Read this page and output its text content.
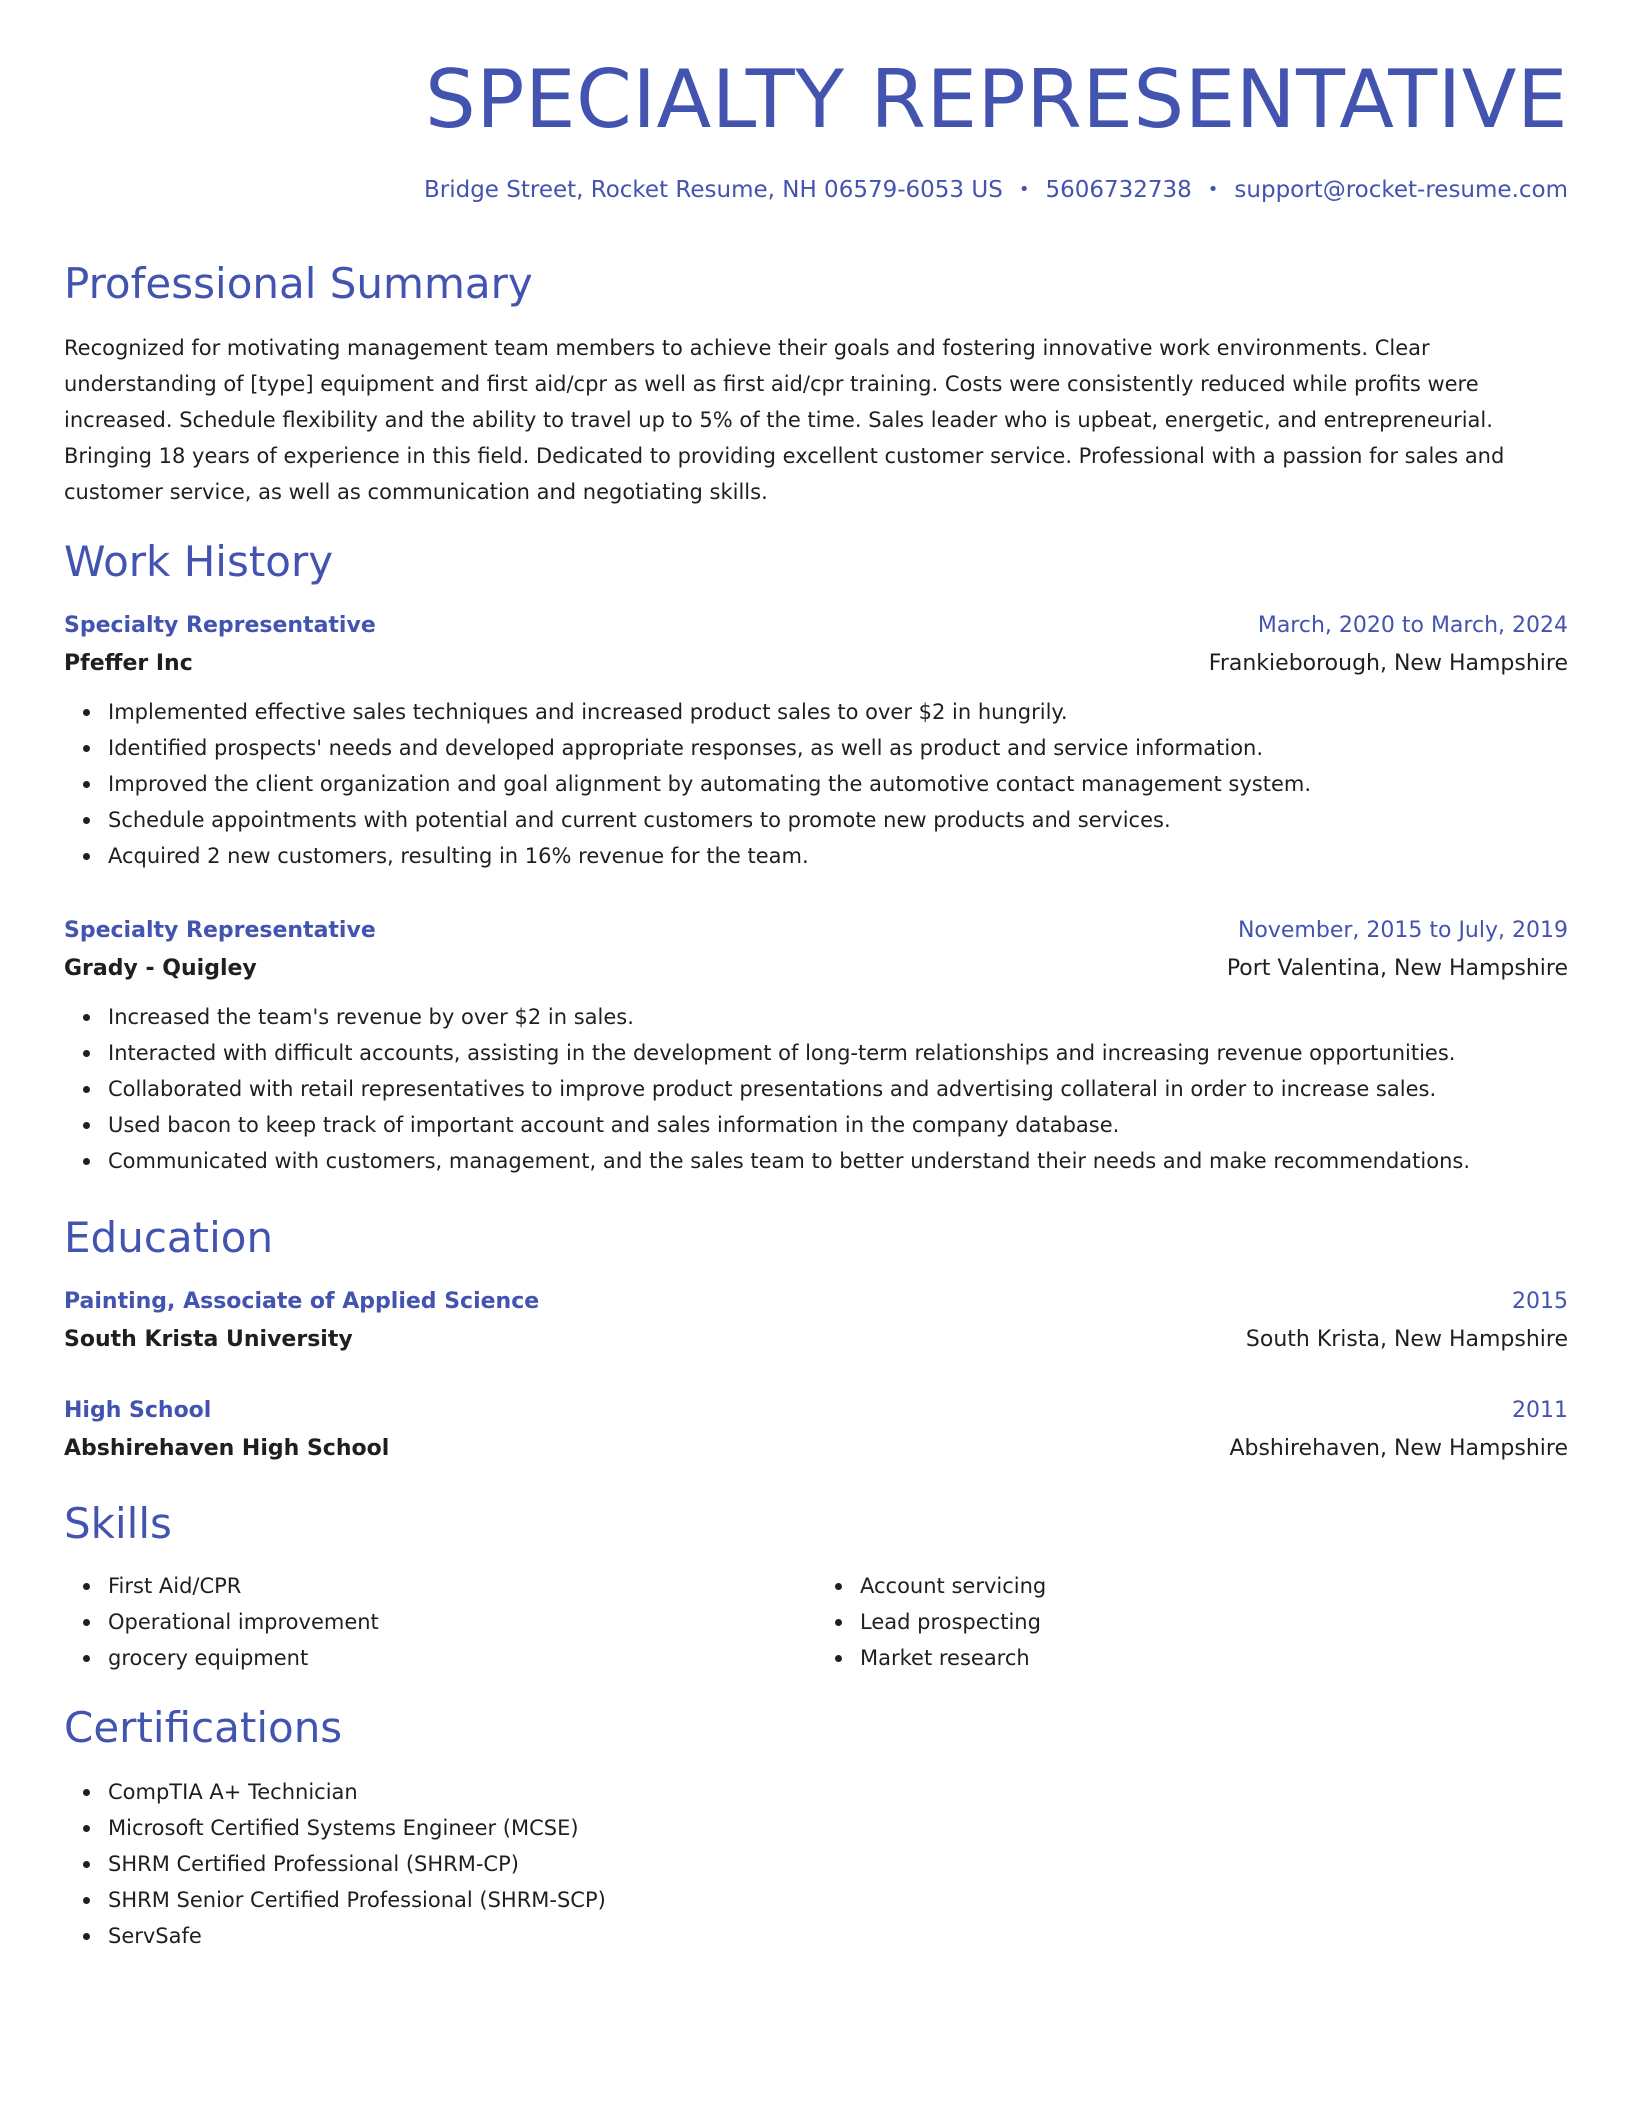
SPECIALTY REPRESENTATIVE
Bridge Street, Rocket Resume, NH 06579-6053 US • 5606732738 • support@rocket-resume.com
Professional Summary

Recognized for motivating management team members to achieve their goals and fostering innovative work environments. Clear understanding of [type] equipment and first aid/cpr as well as first aid/cpr training. Costs were consistently reduced while profits were increased. Schedule flexibility and the ability to travel up to 5% of the time. Sales leader who is upbeat, energetic, and entrepreneurial. Bringing 18 years of experience in this field. Dedicated to providing excellent customer service. Professional with a passion for sales and customer service, as well as communication and negotiating skills.

Work History
Specialty Representative	March, 2020 to March, 2024
Pfeffer Inc	Frankieborough, New Hampshire
Implemented effective sales techniques and increased product sales to over $2 in hungrily.
Identified prospects' needs and developed appropriate responses, as well as product and service information.
Improved the client organization and goal alignment by automating the automotive contact management system.
Schedule appointments with potential and current customers to promote new products and services.
Acquired 2 new customers, resulting in 16% revenue for the team.
Specialty Representative	November, 2015 to July, 2019
Grady - Quigley	Port Valentina, New Hampshire
Increased the team's revenue by over $2 in sales.
Interacted with difficult accounts, assisting in the development of long-term relationships and increasing revenue opportunities.
Collaborated with retail representatives to improve product presentations and advertising collateral in order to increase sales.
Used bacon to keep track of important account and sales information in the company database.
Communicated with customers, management, and the sales team to better understand their needs and make recommendations.
Education
Painting, Associate of Applied Science	2015
South Krista University	South Krista, New Hampshire
High School	2011
Abshirehaven High School	Abshirehaven, New Hampshire
Skills
First Aid/CPR
Operational improvement
grocery equipment
Account servicing
Lead prospecting
Market research
Certifications
CompTIA A+ Technician
Microsoft Certified Systems Engineer (MCSE)
SHRM Certified Professional (SHRM-CP)
SHRM Senior Certified Professional (SHRM-SCP)
ServSafe
